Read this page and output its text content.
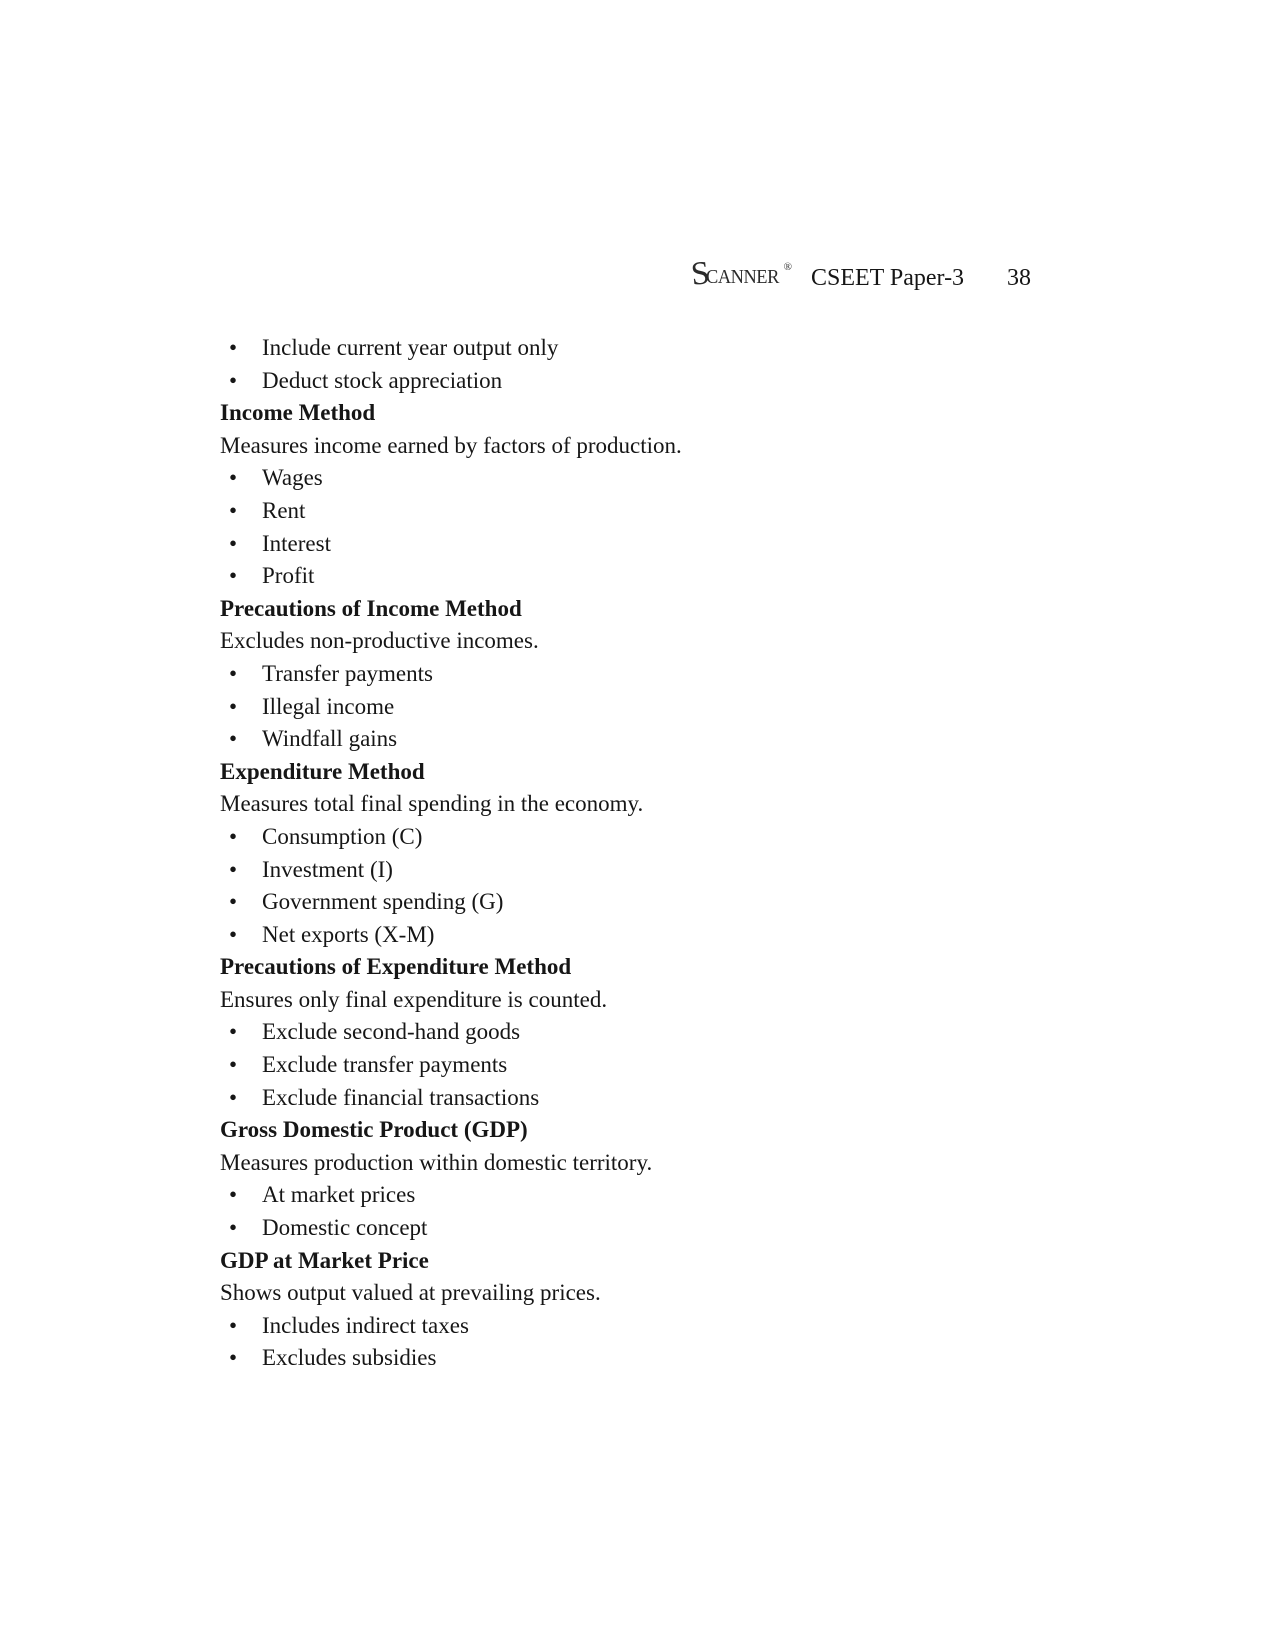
SCANNER ® CSEET Paper-3 38
• Include current year output only
• Deduct stock appreciation
Income Method

Measures income earned by factors of production.

• Wages
• Rent
• Interest
• Profit
Precautions of Income Method

Excludes non-productive incomes.

• Transfer payments
• Illegal income
• Windfall gains
Expenditure Method

Measures total final spending in the economy.

• Consumption (C)
• Investment (I)
• Government spending (G)
• Net exports (X-M)
Precautions of Expenditure Method

Ensures only final expenditure is counted.

• Exclude second-hand goods
• Exclude transfer payments
• Exclude financial transactions
Gross Domestic Product (GDP)

Measures production within domestic territory.

• At market prices
• Domestic concept
GDP at Market Price

Shows output valued at prevailing prices.

• Includes indirect taxes
• Excludes subsidies
